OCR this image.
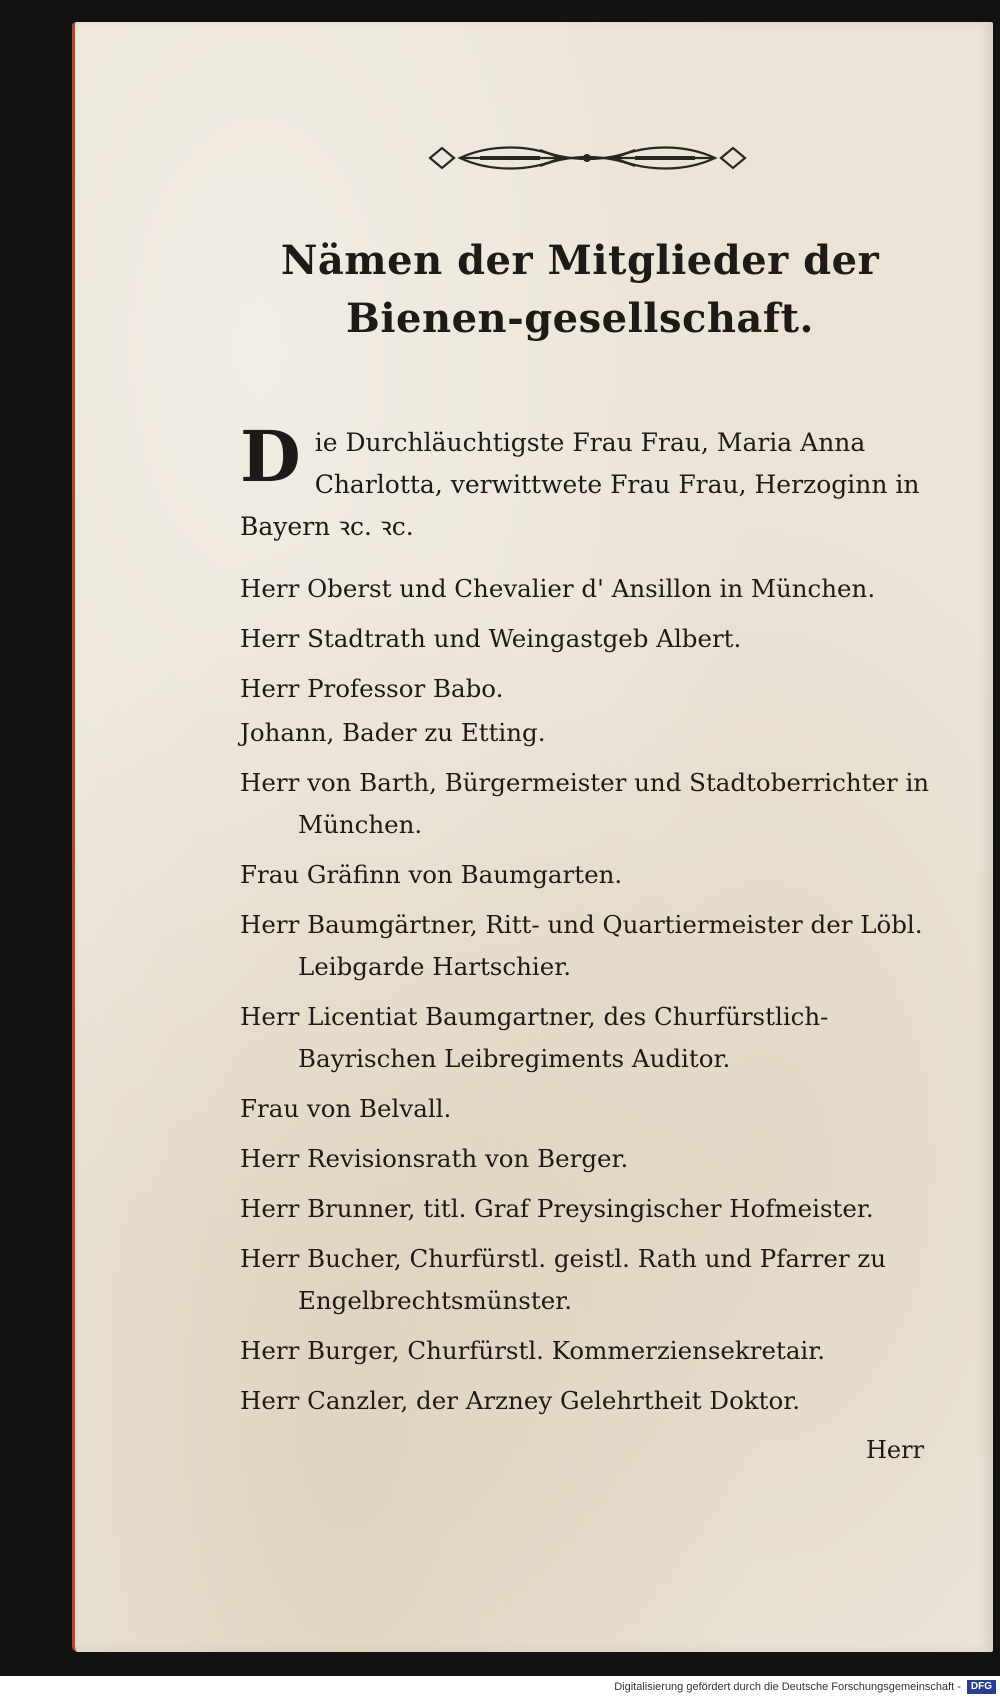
Nämen der Mitglieder der Bienen-gesellschaft.
D ie Durchläuchtigste Frau Frau, Maria Anna Charlotta, verwittwete Frau Frau, Herzoginn in Bayern ꝛc. ꝛc.
Herr Oberst und Chevalier d' Ansillon in München.
Herr Stadtrath und Weingastgeb Albert.
Herr Professor Babo.
Johann, Bader zu Etting.
Herr von Barth, Bürgermeister und Stadtoberrichter in München.
Frau Gräfinn von Baumgarten.
Herr Baumgärtner, Ritt- und Quartiermeister der Löbl. Leibgarde Hartschier.
Herr Licentiat Baumgartner, des Churfürstlich-Bayrischen Leibregiments Auditor.
Frau von Belvall.
Herr Revisionsrath von Berger.
Herr Brunner, titl. Graf Preysingischer Hofmeister.
Herr Bucher, Churfürstl. geistl. Rath und Pfarrer zu Engelbrechtsmünster.
Herr Burger, Churfürstl. Kommerziensekretair.
Herr Canzler, der Arzney Gelehrtheit Doktor.
Herr
Digitalisierung gefördert durch die Deutsche Forschungsgemeinschaft - DFG
